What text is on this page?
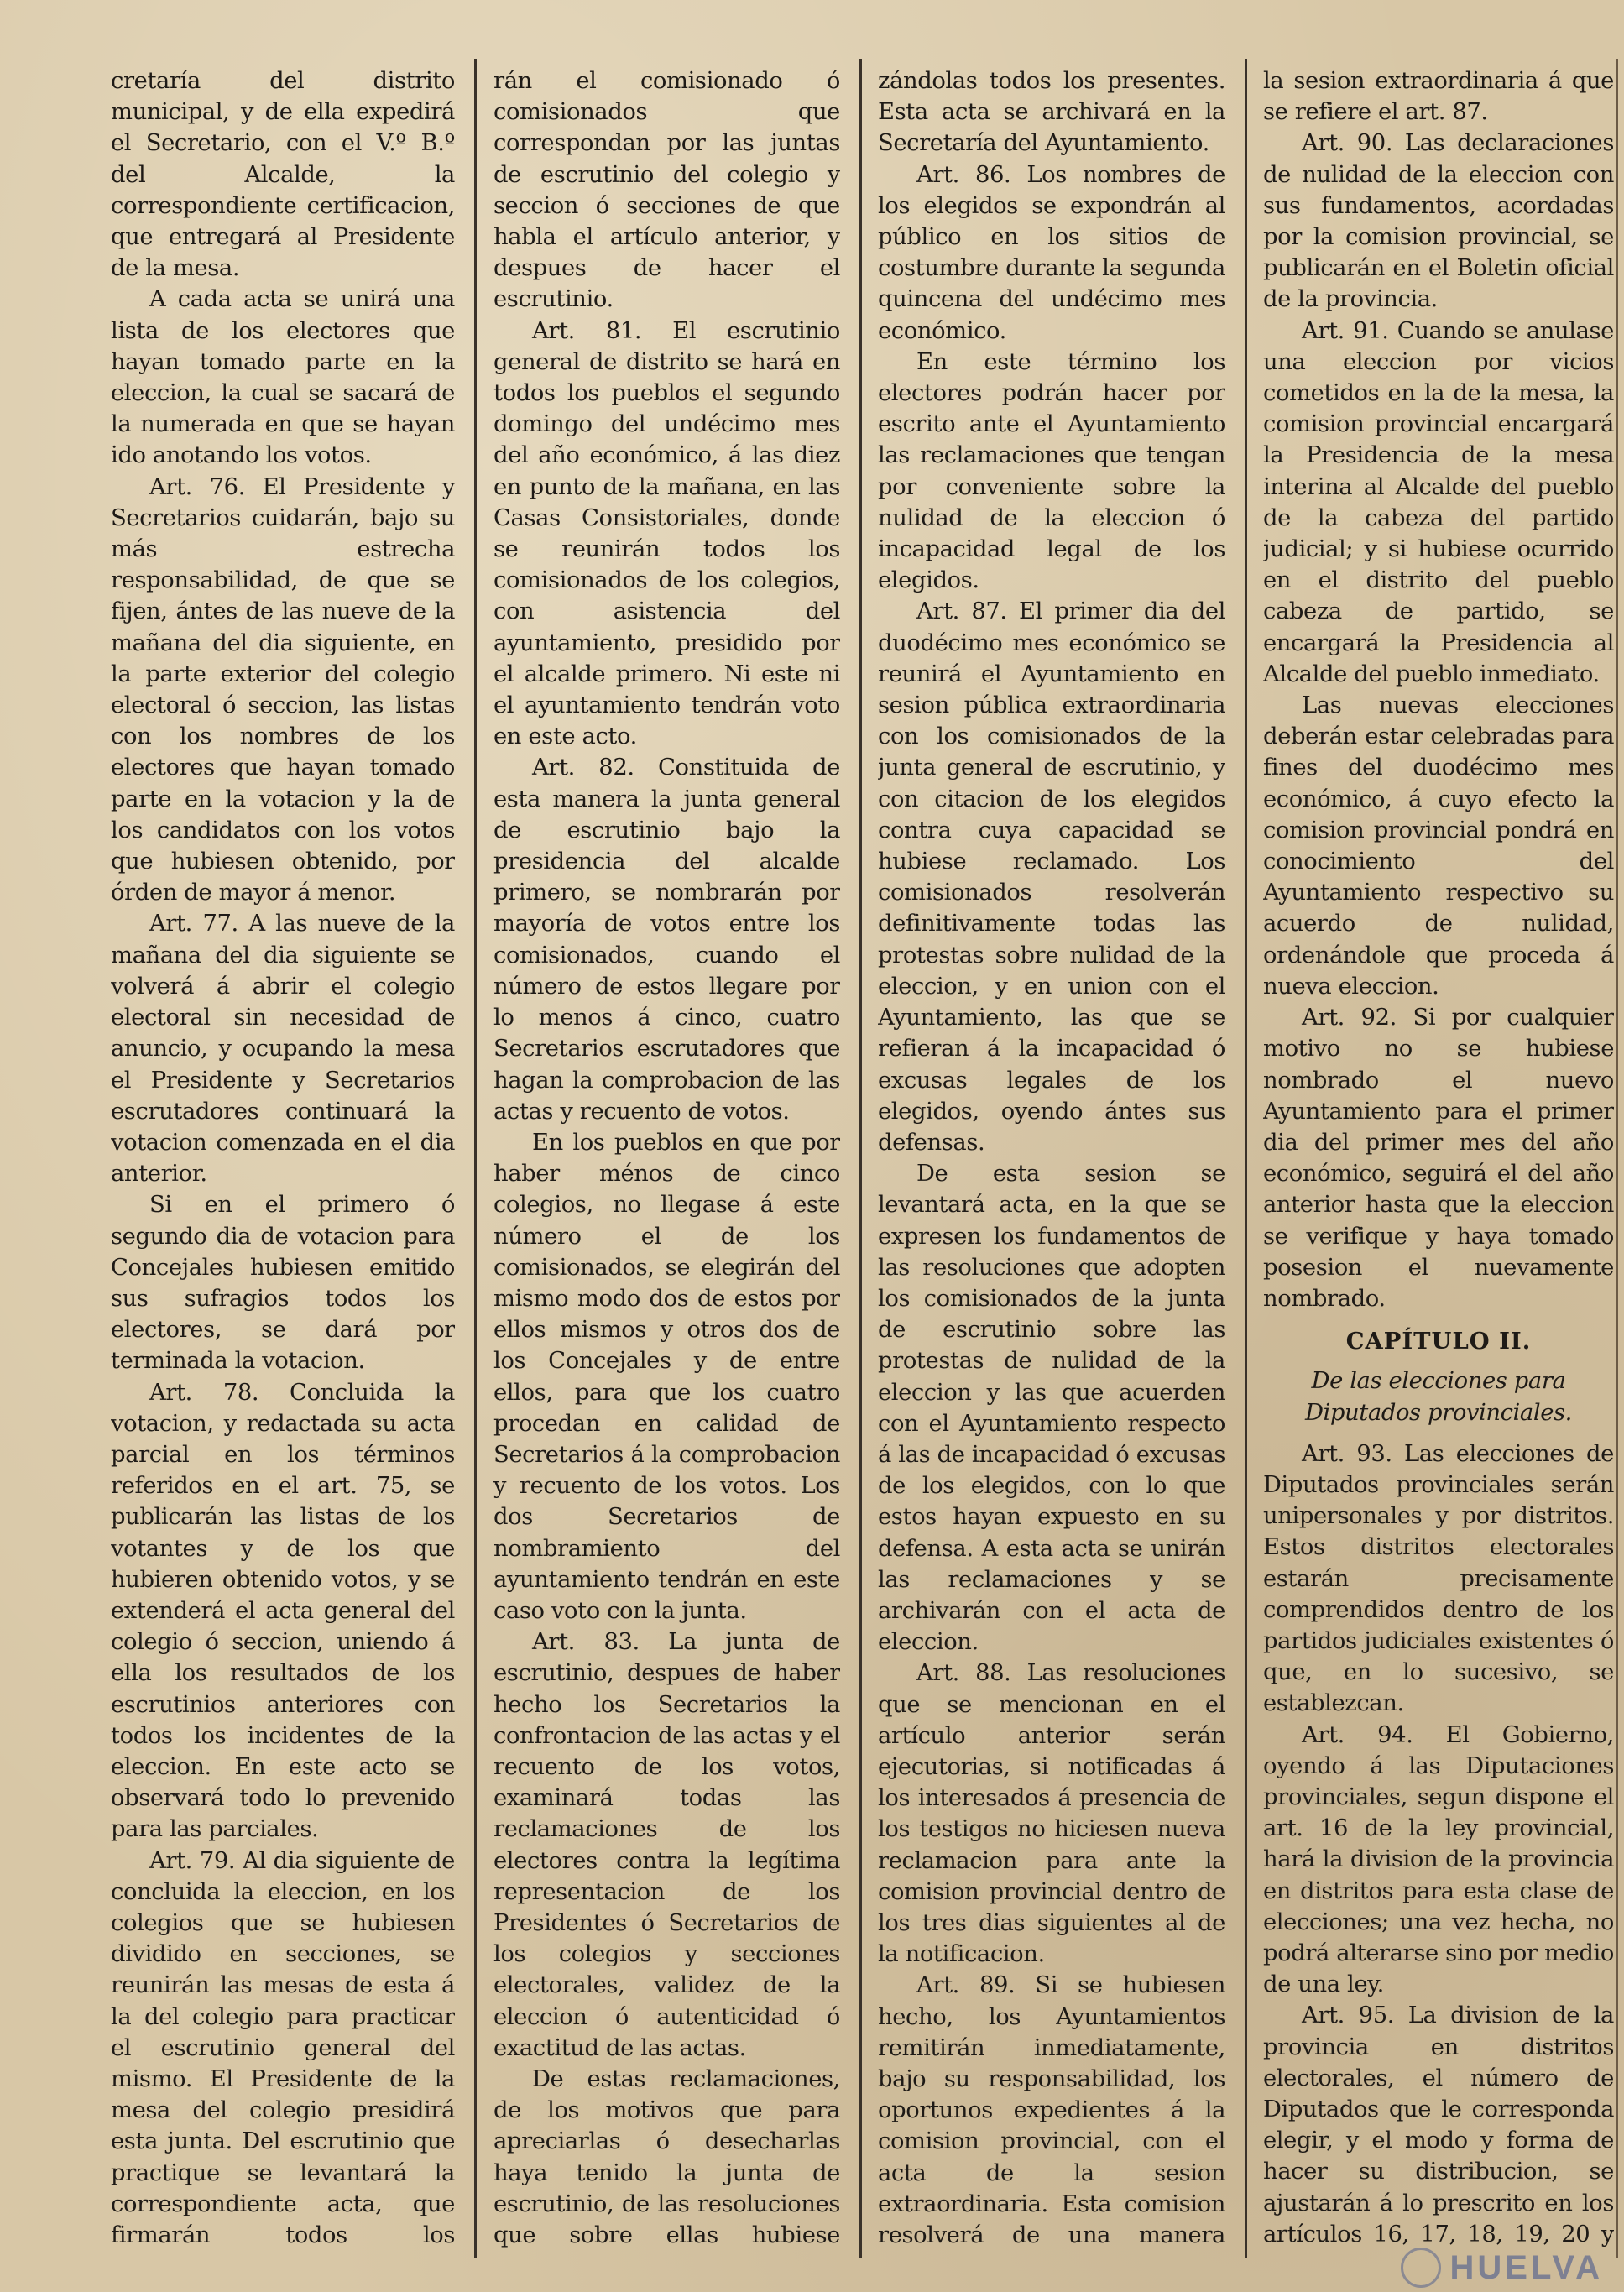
cretaría del distrito municipal, y de ella expedirá el Secretario, con el V.º B.º del Alcalde, la correspondiente certificacion, que entregará al Presidente de la mesa.

A cada acta se unirá una lista de los electores que hayan tomado parte en la eleccion, la cual se sacará de la numerada en que se hayan ido anotando los votos.

Art. 76. El Presidente y Secretarios cuidarán, bajo su más estrecha responsabilidad, de que se fijen, ántes de las nueve de la mañana del dia siguiente, en la parte exterior del colegio electoral ó seccion, las listas con los nombres de los electores que hayan tomado parte en la votacion y la de los candidatos con los votos que hubiesen obtenido, por órden de mayor á menor.

Art. 77. A las nueve de la mañana del dia siguiente se volverá á abrir el colegio electoral sin necesidad de anuncio, y ocupando la mesa el Presidente y Secretarios escrutadores continuará la votacion comenzada en el dia anterior.

Si en el primero ó segundo dia de votacion para Concejales hubiesen emitido sus sufragios todos los electores, se dará por terminada la votacion.

Art. 78. Concluida la votacion, y redactada su acta parcial en los términos referidos en el art. 75, se publicarán las listas de los votantes y de los que hubieren obtenido votos, y se extenderá el acta general del colegio ó seccion, uniendo á ella los resultados de los escrutinios anteriores con todos los incidentes de la eleccion. En este acto se observará todo lo prevenido para las parciales.

Art. 79. Al dia siguiente de concluida la eleccion, en los colegios que se hubiesen dividido en secciones, se reunirán las mesas de esta á la del colegio para practicar el escrutinio general del mismo. El Presidente de la mesa del colegio presidirá esta junta. Del escrutinio que practique se levantará la correspondiente acta, que firmarán todos los

rán el comisionado ó comisionados que correspondan por las juntas de escrutinio del colegio y seccion ó secciones de que habla el artículo anterior, y despues de hacer el escrutinio.

Art. 81. El escrutinio general de distrito se hará en todos los pueblos el segundo domingo del undécimo mes del año económico, á las diez en punto de la mañana, en las Casas Consistoriales, donde se reunirán todos los comisionados de los colegios, con asistencia del ayuntamiento, presidido por el alcalde primero. Ni este ni el ayuntamiento tendrán voto en este acto.

Art. 82. Constituida de esta manera la junta general de escrutinio bajo la presidencia del alcalde primero, se nombrarán por mayoría de votos entre los comisionados, cuando el número de estos llegare por lo menos á cinco, cuatro Secretarios escrutadores que hagan la comprobacion de las actas y recuento de votos.

En los pueblos en que por haber ménos de cinco colegios, no llegase á este número el de los comisionados, se elegirán del mismo modo dos de estos por ellos mismos y otros dos de los Concejales y de entre ellos, para que los cuatro procedan en calidad de Secretarios á la comprobacion y recuento de los votos. Los dos Secretarios de nombramiento del ayuntamiento tendrán en este caso voto con la junta.

Art. 83. La junta de escrutinio, despues de haber hecho los Secretarios la confrontacion de las actas y el recuento de los votos, examinará todas las reclamaciones de los electores contra la legítima representacion de los Presidentes ó Secretarios de los colegios y secciones electorales, validez de la eleccion ó autenticidad ó exactitud de las actas.

De estas reclamaciones, de los motivos que para apreciarlas ó desecharlas haya tenido la junta de escrutinio, de las resoluciones que sobre ellas hubiese

zándolas todos los presentes. Esta acta se archivará en la Secretaría del Ayuntamiento.

Art. 86. Los nombres de los elegidos se expondrán al público en los sitios de costumbre durante la segunda quincena del undécimo mes económico.

En este término los electores podrán hacer por escrito ante el Ayuntamiento las reclamaciones que tengan por conveniente sobre la nulidad de la eleccion ó incapacidad legal de los elegidos.

Art. 87. El primer dia del duodécimo mes económico se reunirá el Ayuntamiento en sesion pública extraordinaria con los comisionados de la junta general de escrutinio, y con citacion de los elegidos contra cuya capacidad se hubiese reclamado. Los comisionados resolverán definitivamente todas las protestas sobre nulidad de la eleccion, y en union con el Ayuntamiento, las que se refieran á la incapacidad ó excusas legales de los elegidos, oyendo ántes sus defensas.

De esta sesion se levantará acta, en la que se expresen los fundamentos de las resoluciones que adopten los comisionados de la junta de escrutinio sobre las protestas de nulidad de la eleccion y las que acuerden con el Ayuntamiento respecto á las de incapacidad ó excusas de los elegidos, con lo que estos hayan expuesto en su defensa. A esta acta se unirán las reclamaciones y se archivarán con el acta de eleccion.

Art. 88. Las resoluciones que se mencionan en el artículo anterior serán ejecutorias, si notificadas á los interesados á presencia de los testigos no hiciesen nueva reclamacion para ante la comision provincial dentro de los tres dias siguientes al de la notificacion.

Art. 89. Si se hubiesen hecho, los Ayuntamientos remitirán inmediatamente, bajo su responsabilidad, los oportunos expedientes á la comision provincial, con el acta de la sesion extraordinaria. Esta comision resolverá de una manera

la sesion extraordinaria á que se refiere el art. 87.

Art. 90. Las declaraciones de nulidad de la eleccion con sus fundamentos, acordadas por la comision provincial, se publicarán en el Boletin oficial de la provincia.

Art. 91. Cuando se anulase una eleccion por vicios cometidos en la de la mesa, la comision provincial encargará la Presidencia de la mesa interina al Alcalde del pueblo de la cabeza del partido judicial; y si hubiese ocurrido en el distrito del pueblo cabeza de partido, se encargará la Presidencia al Alcalde del pueblo inmediato.

Las nuevas elecciones deberán estar celebradas para fines del duodécimo mes económico, á cuyo efecto la comision provincial pondrá en conocimiento del Ayuntamiento respectivo su acuerdo de nulidad, ordenándole que proceda á nueva eleccion.

Art. 92. Si por cualquier motivo no se hubiese nombrado el nuevo Ayuntamiento para el primer dia del primer mes del año económico, seguirá el del año anterior hasta que la eleccion se verifique y haya tomado posesion el nuevamente nombrado.

CAPÍTULO II.

De las elecciones para Diputados provinciales.

Art. 93. Las elecciones de Diputados provinciales serán unipersonales y por distritos. Estos distritos electorales estarán precisamente comprendidos dentro de los partidos judiciales existentes ó que, en lo sucesivo, se establezcan.

Art. 94. El Gobierno, oyendo á las Diputaciones provinciales, segun dispone el art. 16 de la ley provincial, hará la division de la provincia en distritos para esta clase de elecciones; una vez hecha, no podrá alterarse sino por medio de una ley.

Art. 95. La division de la provincia en distritos electorales, el número de Diputados que le corresponda elegir, y el modo y forma de hacer su distribucion, se ajustarán á lo prescrito en los artículos 16, 17, 18, 19, 20 y

HUELVA
